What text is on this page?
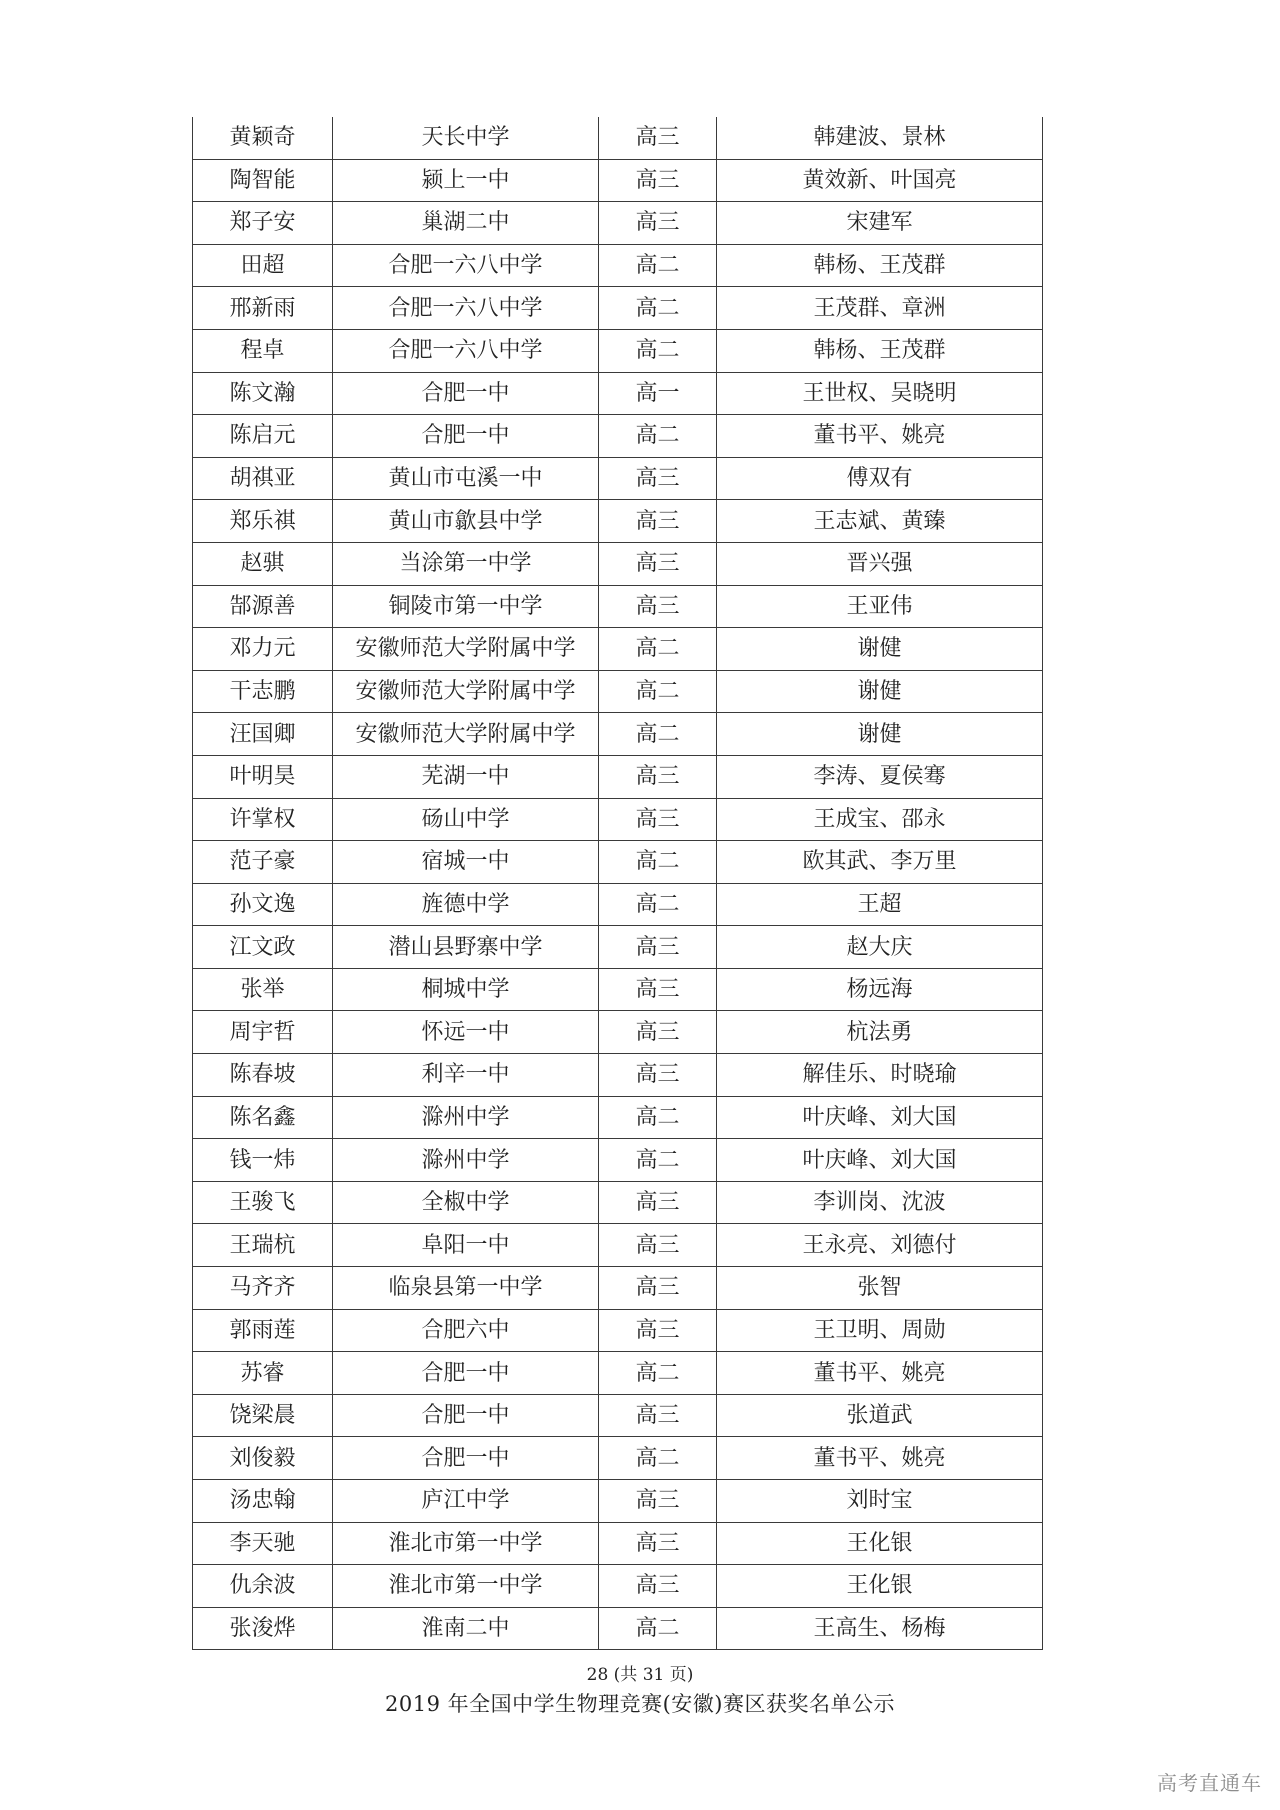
黄颖奇	天长中学	高三	韩建波、景林
陶智能	颍上一中	高三	黄效新、叶国亮
郑子安	巢湖二中	高三	宋建军
田超	合肥一六八中学	高二	韩杨、王茂群
邢新雨	合肥一六八中学	高二	王茂群、章洲
程卓	合肥一六八中学	高二	韩杨、王茂群
陈文瀚	合肥一中	高一	王世权、吴晓明
陈启元	合肥一中	高二	董书平、姚亮
胡祺亚	黄山市屯溪一中	高三	傅双有
郑乐祺	黄山市歙县中学	高三	王志斌、黄臻
赵骐	当涂第一中学	高三	晋兴强
郜源善	铜陵市第一中学	高三	王亚伟
邓力元	安徽师范大学附属中学	高二	谢健
干志鹏	安徽师范大学附属中学	高二	谢健
汪国卿	安徽师范大学附属中学	高二	谢健
叶明昊	芜湖一中	高三	李涛、夏侯骞
许掌权	砀山中学	高三	王成宝、邵永
范子豪	宿城一中	高二	欧其武、李万里
孙文逸	旌德中学	高二	王超
江文政	潜山县野寨中学	高三	赵大庆
张举	桐城中学	高三	杨远海
周宇哲	怀远一中	高三	杭法勇
陈春坡	利辛一中	高三	解佳乐、时晓瑜
陈名鑫	滁州中学	高二	叶庆峰、刘大国
钱一炜	滁州中学	高二	叶庆峰、刘大国
王骏飞	全椒中学	高三	李训岗、沈波
王瑞杭	阜阳一中	高三	王永亮、刘德付
马齐齐	临泉县第一中学	高三	张智
郭雨莲	合肥六中	高三	王卫明、周勋
苏睿	合肥一中	高二	董书平、姚亮
饶梁晨	合肥一中	高三	张道武
刘俊毅	合肥一中	高二	董书平、姚亮
汤忠翰	庐江中学	高三	刘时宝
李天驰	淮北市第一中学	高三	王化银
仇余波	淮北市第一中学	高三	王化银
张浚烨	淮南二中	高二	王高生、杨梅
28 (共 31 页)
2019 年全国中学生物理竞赛(安徽)赛区获奖名单公示
高考直通车
